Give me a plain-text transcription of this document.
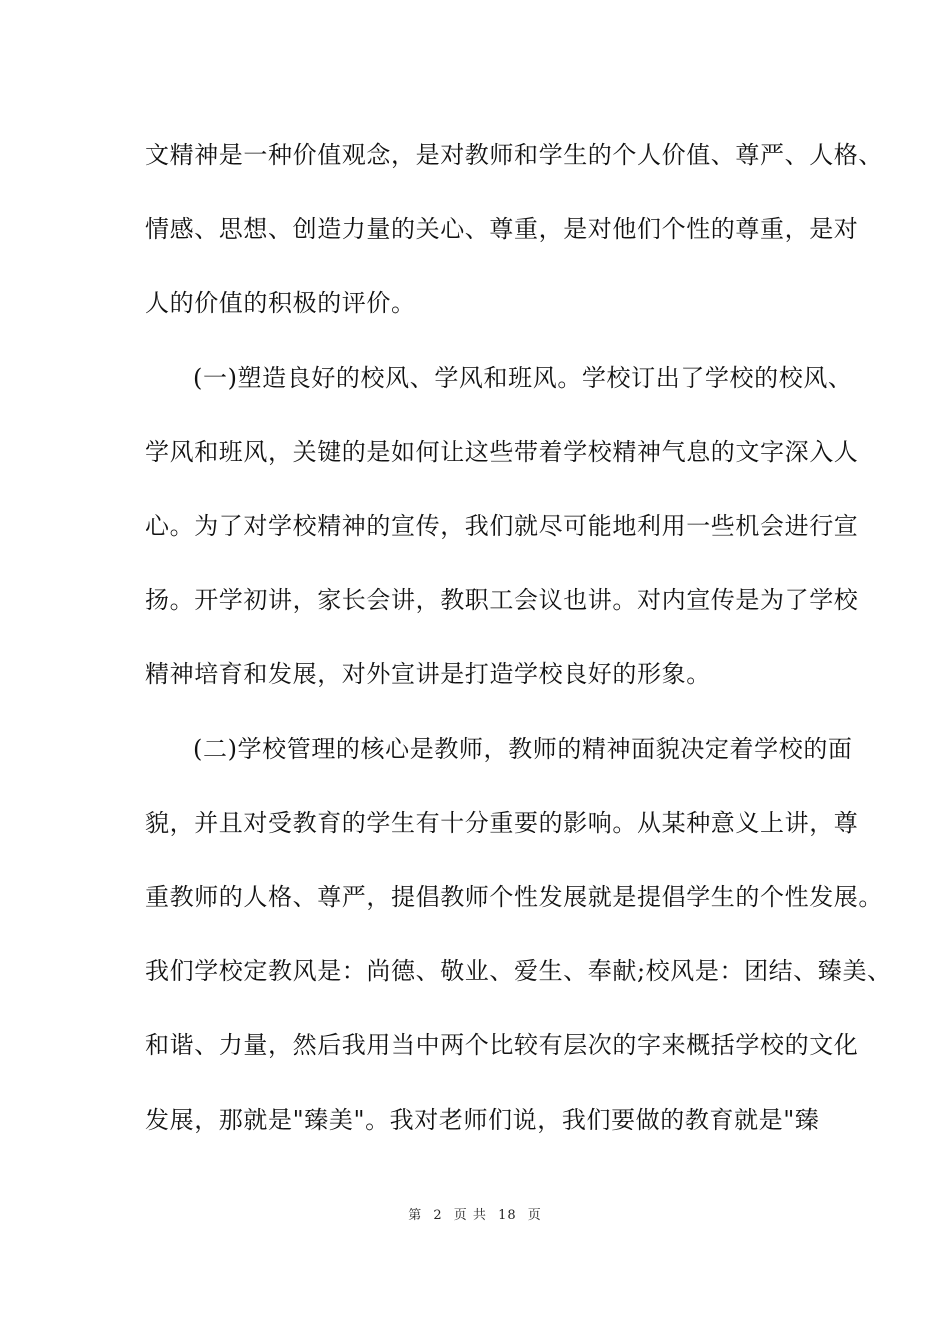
文精神是一种价值观念，是对教师和学生的个人价值、尊严、人格、
情感、思想、创造力量的关心、尊重，是对他们个性的尊重，是对
人的价值的积极的评价。
(一)塑造良好的校风、学风和班风。学校订出了学校的校风、
学风和班风，关键的是如何让这些带着学校精神气息的文字深入人
心。为了对学校精神的宣传，我们就尽可能地利用一些机会进行宣
扬。开学初讲，家长会讲，教职工会议也讲。对内宣传是为了学校
精神培育和发展，对外宣讲是打造学校良好的形象。
(二)学校管理的核心是教师，教师的精神面貌决定着学校的面
貌，并且对受教育的学生有十分重要的影响。从某种意义上讲，尊
重教师的人格、尊严，提倡教师个性发展就是提倡学生的个性发展。
我们学校定教风是：尚德、敬业、爱生、奉献;校风是：团结、臻美、
和谐、力量，然后我用当中两个比较有层次的字来概括学校的文化
发展，那就是"臻美"。我对老师们说，我们要做的教育就是"臻
第 2 页 共 18 页
